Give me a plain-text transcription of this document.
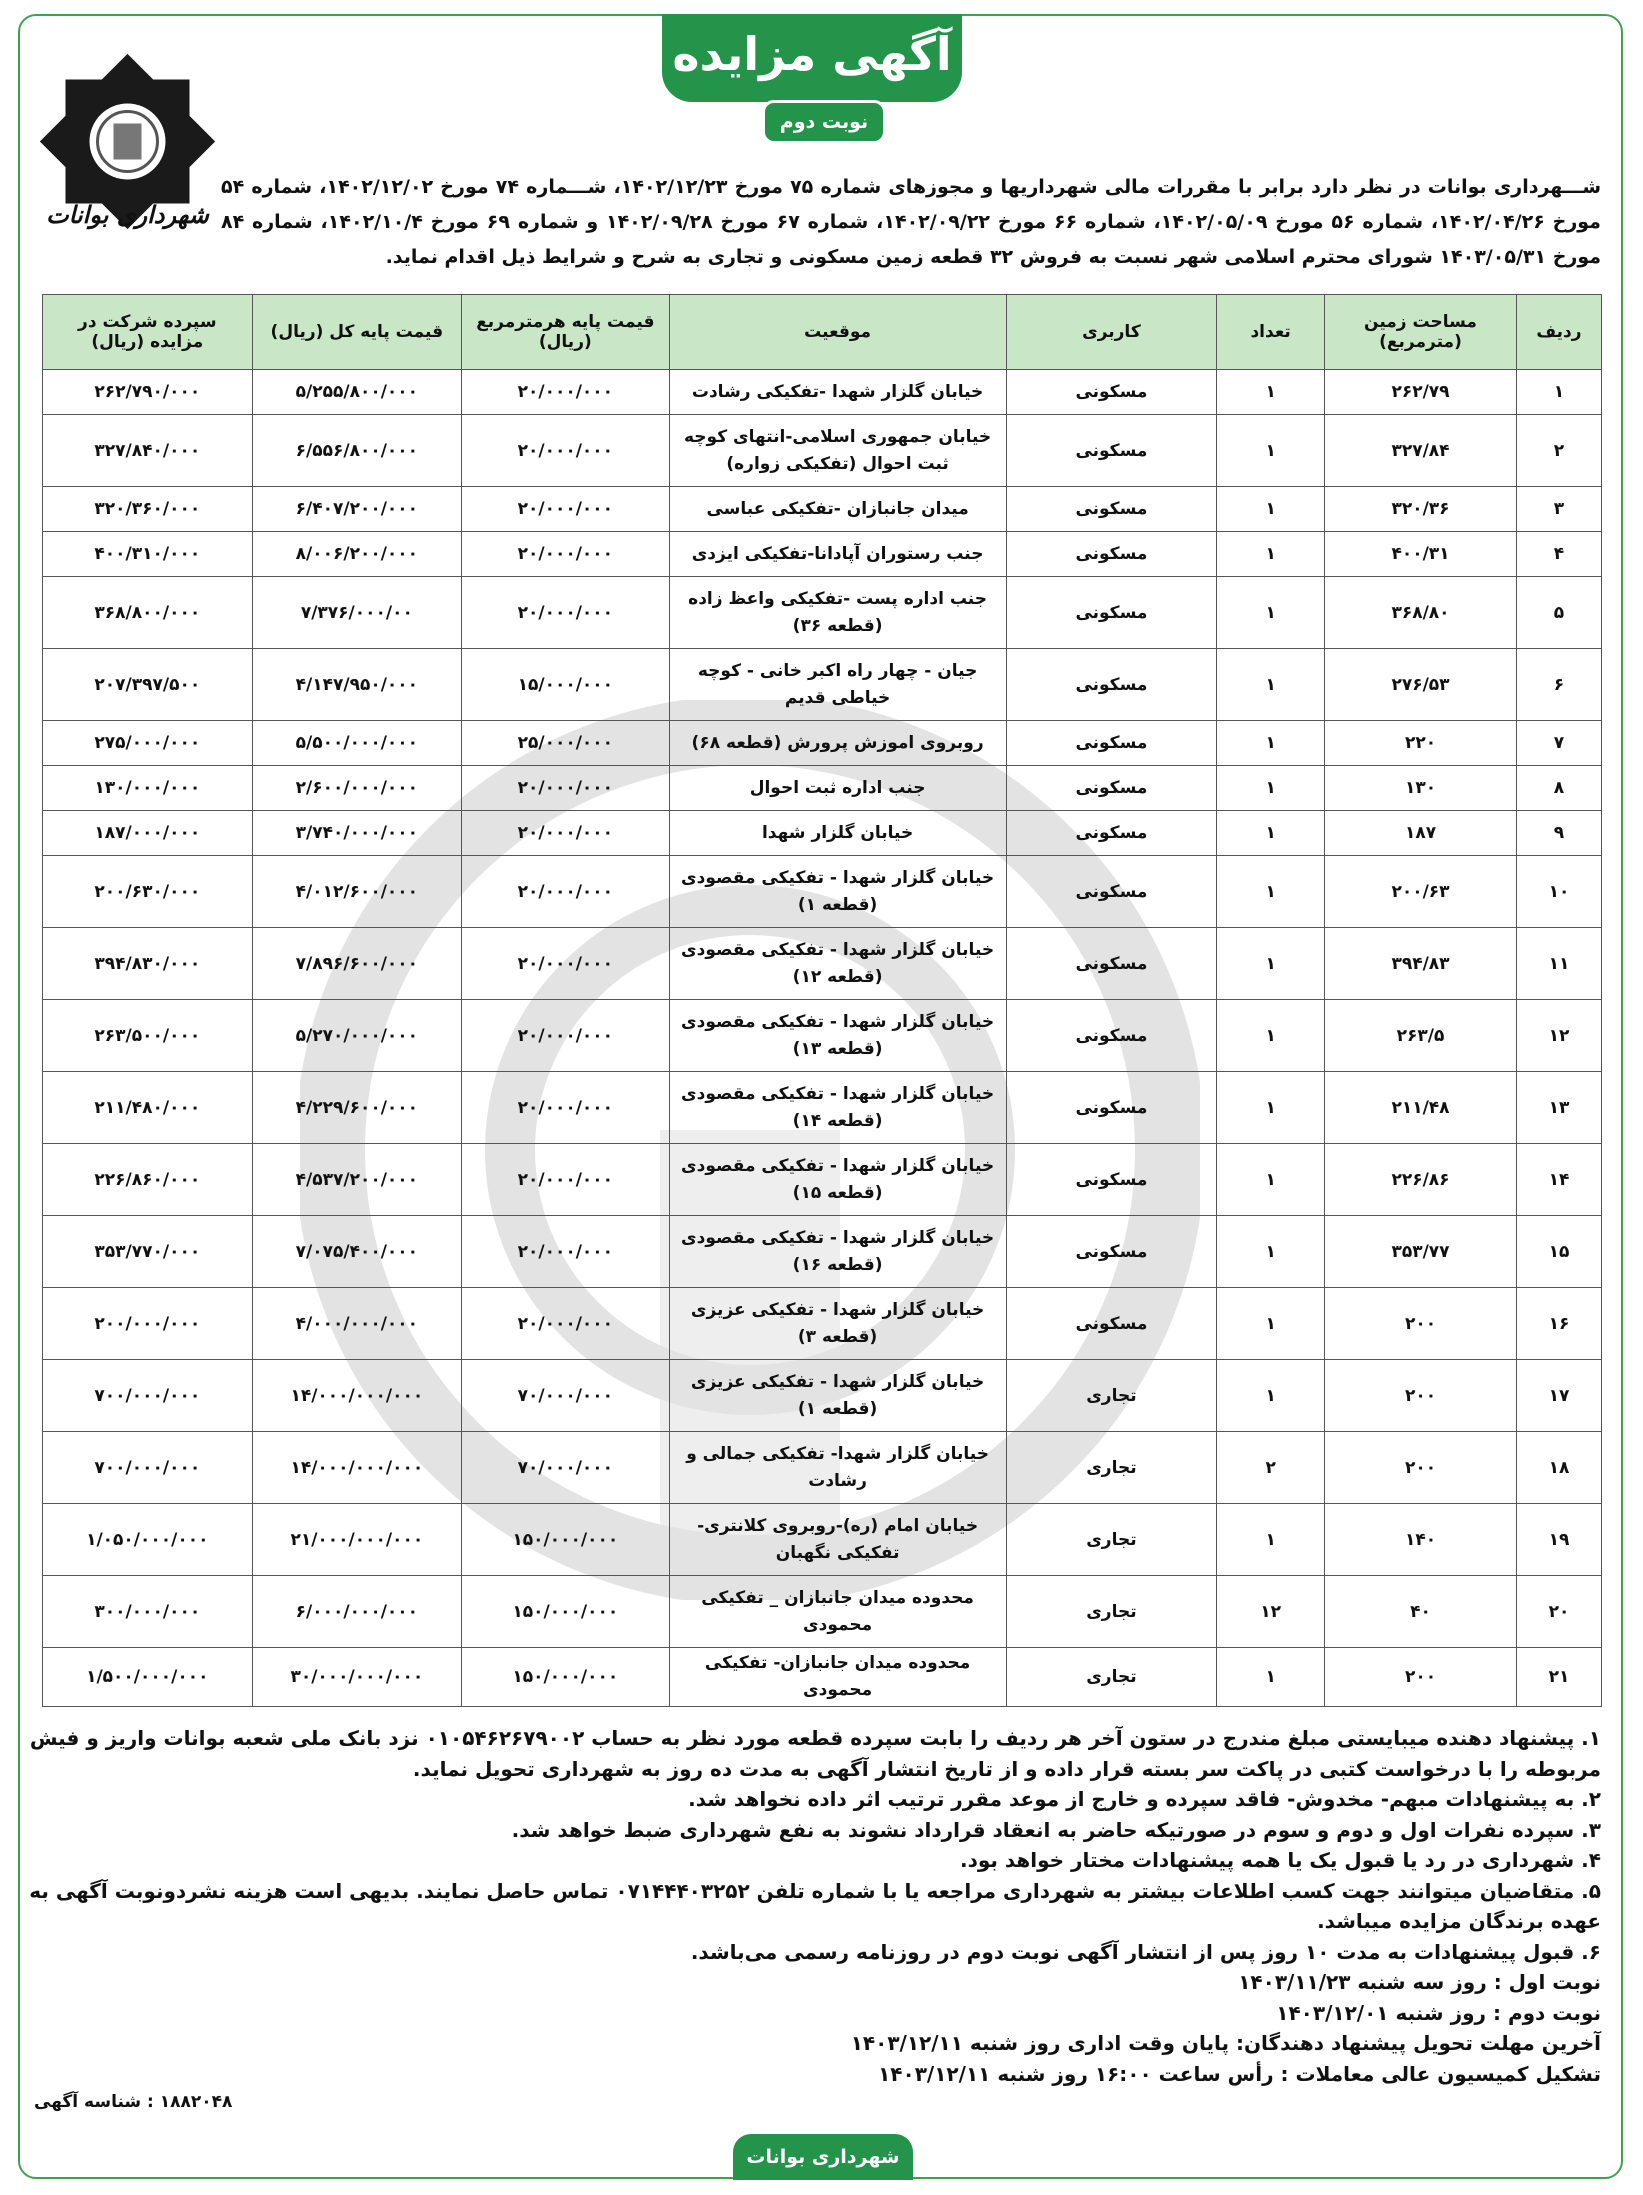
آگهی مزایده
نوبت دوم
شهرداری بوانات
شـــهرداری بوانات در نظر دارد برابر با مقررات مالی شهرداریها و مجوزهای شماره ۷۵ مورخ ۱۴۰۲/۱۲/۲۳، شـــماره ۷۴ مورخ ۱۴۰۲/۱۲/۰۲، شماره ۵۴ مورخ ۱۴۰۲/۰۴/۲۶، شماره ۵۶ مورخ ۱۴۰۲/۰۵/۰۹، شماره ۶۶ مورخ ۱۴۰۲/۰۹/۲۲، شماره ۶۷ مورخ ۱۴۰۲/۰۹/۲۸ و شماره ۶۹ مورخ ۱۴۰۲/۱۰/۴، شماره ۸۴ مورخ ۱۴۰۳/۰۵/۳۱ شورای محترم اسلامی شهر نسبت به فروش ۳۲ قطعه زمین مسکونی و تجاری به شرح و شرایط ذیل اقدام نماید.
ردیف	مساحت زمین (مترمربع)	تعداد	کاربری	موقعیت	قیمت پایه هرمترمربع (ریال)	قیمت پایه کل (ریال)	سپرده شرکت در مزایده (ریال)
۱	۲۶۲/۷۹	۱	مسکونی	خیابان گلزار شهدا -تفکیکی رشادت	۲۰/۰۰۰/۰۰۰	۵/۲۵۵/۸۰۰/۰۰۰	۲۶۲/۷۹۰/۰۰۰
۲	۳۲۷/۸۴	۱	مسکونی	خیابان جمهوری اسلامی-انتهای کوچه ثبت احوال (تفکیکی زواره)	۲۰/۰۰۰/۰۰۰	۶/۵۵۶/۸۰۰/۰۰۰	۳۲۷/۸۴۰/۰۰۰
۳	۳۲۰/۳۶	۱	مسکونی	میدان جانبازان -تفکیکی عباسی	۲۰/۰۰۰/۰۰۰	۶/۴۰۷/۲۰۰/۰۰۰	۳۲۰/۳۶۰/۰۰۰
۴	۴۰۰/۳۱	۱	مسکونی	جنب رستوران آپادانا-تفکیکی ایزدی	۲۰/۰۰۰/۰۰۰	۸/۰۰۶/۲۰۰/۰۰۰	۴۰۰/۳۱۰/۰۰۰
۵	۳۶۸/۸۰	۱	مسکونی	جنب اداره پست -تفکیکی واعظ زاده (قطعه ۳۶)	۲۰/۰۰۰/۰۰۰	۷/۳۷۶/۰۰۰/۰۰	۳۶۸/۸۰۰/۰۰۰
۶	۲۷۶/۵۳	۱	مسکونی	جیان - چهار راه اکبر خانی - کوچه خیاطی قدیم	۱۵/۰۰۰/۰۰۰	۴/۱۴۷/۹۵۰/۰۰۰	۲۰۷/۳۹۷/۵۰۰
۷	۲۲۰	۱	مسکونی	روبروی اموزش پرورش (قطعه ۶۸)	۲۵/۰۰۰/۰۰۰	۵/۵۰۰/۰۰۰/۰۰۰	۲۷۵/۰۰۰/۰۰۰
۸	۱۳۰	۱	مسکونی	جنب اداره ثبت احوال	۲۰/۰۰۰/۰۰۰	۲/۶۰۰/۰۰۰/۰۰۰	۱۳۰/۰۰۰/۰۰۰
۹	۱۸۷	۱	مسکونی	خیابان گلزار شهدا	۲۰/۰۰۰/۰۰۰	۳/۷۴۰/۰۰۰/۰۰۰	۱۸۷/۰۰۰/۰۰۰
۱۰	۲۰۰/۶۳	۱	مسکونی	خیابان گلزار شهدا - تفکیکی مقصودی (قطعه ۱)	۲۰/۰۰۰/۰۰۰	۴/۰۱۲/۶۰۰/۰۰۰	۲۰۰/۶۳۰/۰۰۰
۱۱	۳۹۴/۸۳	۱	مسکونی	خیابان گلزار شهدا - تفکیکی مقصودی (قطعه ۱۲)	۲۰/۰۰۰/۰۰۰	۷/۸۹۶/۶۰۰/۰۰۰	۳۹۴/۸۳۰/۰۰۰
۱۲	۲۶۳/۵	۱	مسکونی	خیابان گلزار شهدا - تفکیکی مقصودی (قطعه ۱۳)	۲۰/۰۰۰/۰۰۰	۵/۲۷۰/۰۰۰/۰۰۰	۲۶۳/۵۰۰/۰۰۰
۱۳	۲۱۱/۴۸	۱	مسکونی	خیابان گلزار شهدا - تفکیکی مقصودی (قطعه ۱۴)	۲۰/۰۰۰/۰۰۰	۴/۲۲۹/۶۰۰/۰۰۰	۲۱۱/۴۸۰/۰۰۰
۱۴	۲۲۶/۸۶	۱	مسکونی	خیابان گلزار شهدا - تفکیکی مقصودی (قطعه ۱۵)	۲۰/۰۰۰/۰۰۰	۴/۵۳۷/۲۰۰/۰۰۰	۲۲۶/۸۶۰/۰۰۰
۱۵	۳۵۳/۷۷	۱	مسکونی	خیابان گلزار شهدا - تفکیکی مقصودی (قطعه ۱۶)	۲۰/۰۰۰/۰۰۰	۷/۰۷۵/۴۰۰/۰۰۰	۳۵۳/۷۷۰/۰۰۰
۱۶	۲۰۰	۱	مسکونی	خیابان گلزار شهدا - تفکیکی عزیزی (قطعه ۳)	۲۰/۰۰۰/۰۰۰	۴/۰۰۰/۰۰۰/۰۰۰	۲۰۰/۰۰۰/۰۰۰
۱۷	۲۰۰	۱	تجاری	خیابان گلزار شهدا - تفکیکی عزیزی (قطعه ۱)	۷۰/۰۰۰/۰۰۰	۱۴/۰۰۰/۰۰۰/۰۰۰	۷۰۰/۰۰۰/۰۰۰
۱۸	۲۰۰	۲	تجاری	خیابان گلزار شهدا- تفکیکی جمالی و رشادت	۷۰/۰۰۰/۰۰۰	۱۴/۰۰۰/۰۰۰/۰۰۰	۷۰۰/۰۰۰/۰۰۰
۱۹	۱۴۰	۱	تجاری	خیابان امام (ره)-روبروی کلانتری- تفکیکی نگهبان	۱۵۰/۰۰۰/۰۰۰	۲۱/۰۰۰/۰۰۰/۰۰۰	۱/۰۵۰/۰۰۰/۰۰۰
۲۰	۴۰	۱۲	تجاری	محدوده میدان جانبازان _ تفکیکی محمودی	۱۵۰/۰۰۰/۰۰۰	۶/۰۰۰/۰۰۰/۰۰۰	۳۰۰/۰۰۰/۰۰۰
۲۱	۲۰۰	۱	تجاری	محدوده میدان جانبازان- تفکیکی محمودی	۱۵۰/۰۰۰/۰۰۰	۳۰/۰۰۰/۰۰۰/۰۰۰	۱/۵۰۰/۰۰۰/۰۰۰

۱. پیشنهاد دهنده میبایستی مبلغ مندرج در ستون آخر هر ردیف را بابت سپرده قطعه مورد نظر به حساب ۰۱۰۵۴۶۲۶۷۹۰۰۲ نزد بانک ملی شعبه بوانات واریز و فیش مربوطه را با درخواست کتبی در پاکت سر بسته قرار داده و از تاریخ انتشار آگهی به مدت ده روز به شهرداری تحویل نماید.

۲. به پیشنهادات مبهم- مخدوش- فاقد سپرده و خارج از موعد مقرر ترتیب اثر داده نخواهد شد.

۳. سپرده نفرات اول و دوم و سوم در صورتیکه حاضر به انعقاد قرارداد نشوند به نفع شهرداری ضبط خواهد شد.

۴. شهرداری در رد یا قبول یک یا همه پیشنهادات مختار خواهد بود.

۵. متقاضیان میتوانند جهت کسب اطلاعات بیشتر به شهرداری مراجعه یا با شماره تلفن ۰۷۱۴۴۴۰۳۲۵۲ تماس حاصل نمایند. بدیهی است هزینه نشردونوبت آگهی به عهده برندگان مزایده میباشد.

۶. قبول پیشنهادات به مدت ۱۰ روز پس از انتشار آگهی نوبت دوم در روزنامه رسمی می‌باشد.

نوبت اول : روز سه شنبه ۱۴۰۳/۱۱/۲۳

نوبت دوم : روز شنبه ۱۴۰۳/۱۲/۰۱

آخرین مهلت تحویل پیشنهاد دهندگان: پایان وقت اداری روز شنبه ۱۴۰۳/۱۲/۱۱

تشکیل کمیسیون عالی معاملات : رأس ساعت ۱۶:۰۰ روز شنبه ۱۴۰۳/۱۲/۱۱

۱۸۸۲۰۴۸ : شناسه آگهی
شهرداری بوانات
